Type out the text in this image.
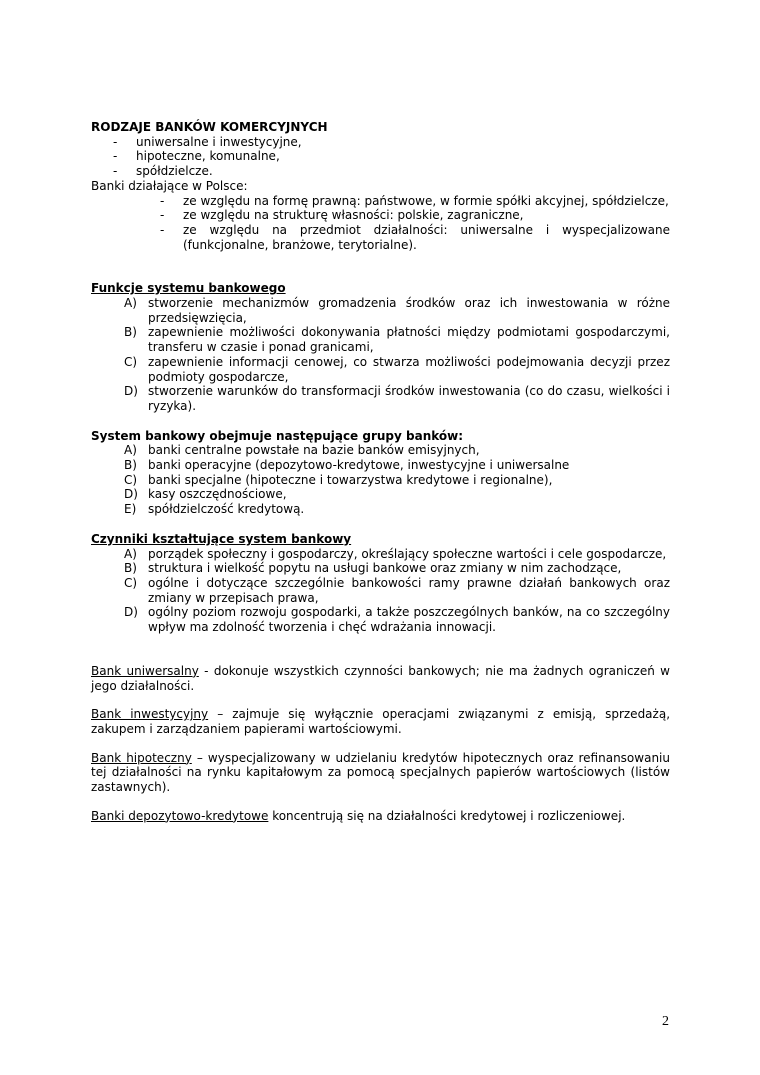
RODZAJE BANKÓW KOMERCYJNYCH

- uniwersalne i inwestycyjne,
- hipoteczne, komunalne,
- spółdzielcze.

Banki działające w Polsce:

- ze względu na formę prawną: państwowe, w formie spółki akcyjnej, spółdzielcze,
- ze względu na strukturę własności: polskie, zagraniczne,
- ze względu na przedmiot działalności: uniwersalne i wyspecjalizowane (funkcjonalne, branżowe, terytorialne).

Funkcje systemu bankowego

A) stworzenie mechanizmów gromadzenia środków oraz ich inwestowania w różne przedsięwzięcia,
B) zapewnienie możliwości dokonywania płatności między podmiotami gospodarczymi, transferu w czasie i ponad granicami,
C) zapewnienie informacji cenowej, co stwarza możliwości podejmowania decyzji przez podmioty gospodarcze,
D) stworzenie warunków do transformacji środków inwestowania (co do czasu, wielkości i ryzyka).

System bankowy obejmuje następujące grupy banków:

A) banki centralne powstałe na bazie banków emisyjnych,
B) banki operacyjne (depozytowo-kredytowe, inwestycyjne i uniwersalne
C) banki specjalne (hipoteczne i towarzystwa kredytowe i regionalne),
D) kasy oszczędnościowe,
E) spółdzielczość kredytową.

Czynniki kształtujące system bankowy

A) porządek społeczny i gospodarczy, określający społeczne wartości i cele gospodarcze,
B) struktura i wielkość popytu na usługi bankowe oraz zmiany w nim zachodzące,
C) ogólne i dotyczące szczególnie bankowości ramy prawne działań bankowych oraz zmiany w przepisach prawa,
D) ogólny poziom rozwoju gospodarki, a także poszczególnych banków, na co szczególny wpływ ma zdolność tworzenia i chęć wdrażania innowacji.

Bank uniwersalny - dokonuje wszystkich czynności bankowych; nie ma żadnych ograniczeń w jego działalności.

Bank inwestycyjny – zajmuje się wyłącznie operacjami związanymi z emisją, sprzedażą, zakupem i zarządzaniem papierami wartościowymi.

Bank hipoteczny – wyspecjalizowany w udzielaniu kredytów hipotecznych oraz refinansowaniu tej działalności na rynku kapitałowym za pomocą specjalnych papierów wartościowych (listów zastawnych).

Banki depozytowo-kredytowe koncentrują się na działalności kredytowej i rozliczeniowej.

2
